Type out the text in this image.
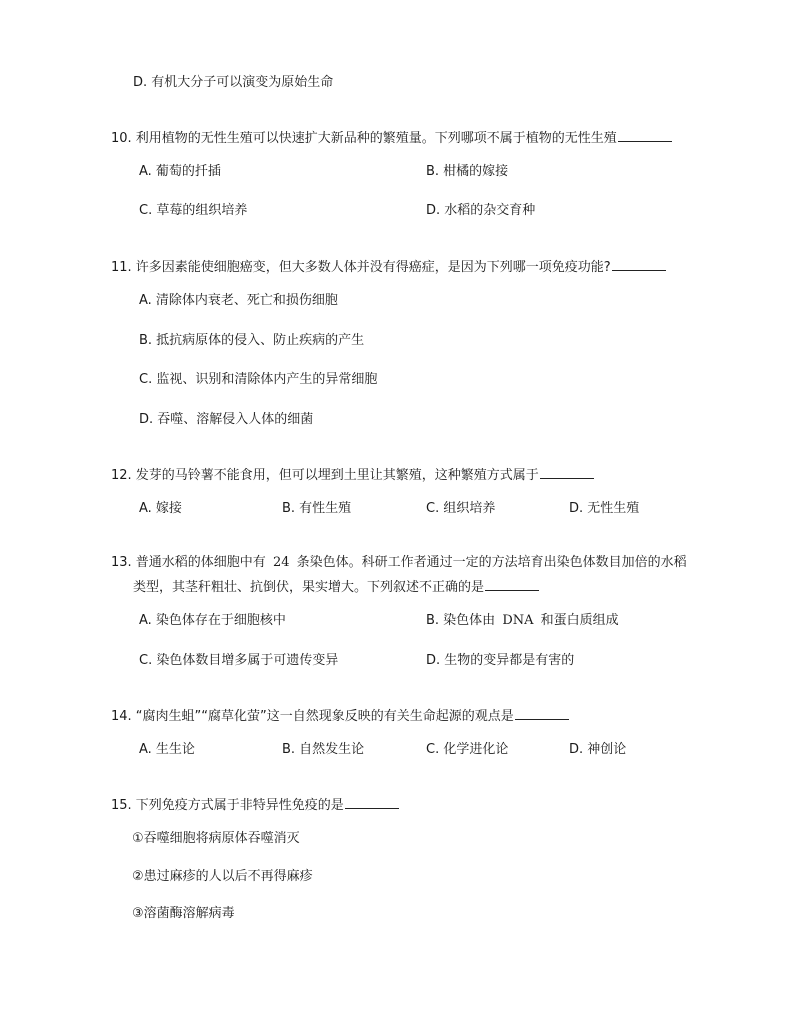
D. 有机大分子可以演变为原始生命
10. 利用植物的无性生殖可以快速扩大新品种的繁殖量。下列哪项不属于植物的无性生殖
A. 葡萄的扦插	B. 柑橘的嫁接
C. 草莓的组织培养	D. 水稻的杂交育种
11. 许多因素能使细胞癌变，但大多数人体并没有得癌症，是因为下列哪一项免疫功能?
A. 清除体内衰老、死亡和损伤细胞
B. 抵抗病原体的侵入、防止疾病的产生
C. 监视、识别和清除体内产生的异常细胞
D. 吞噬、溶解侵入人体的细菌
12. 发芽的马铃薯不能食用，但可以埋到土里让其繁殖，这种繁殖方式属于
A. 嫁接	B. 有性生殖	C. 组织培养	D. 无性生殖
13. 普通水稻的体细胞中有 24 条染色体。科研工作者通过一定的方法培育出染色体数目加倍的水稻
类型，其茎秆粗壮、抗倒伏，果实增大。下列叙述不正确的是
A. 染色体存在于细胞核中	B. 染色体由 DNA 和蛋白质组成
C. 染色体数目增多属于可遗传变异	D. 生物的变异都是有害的
14. “腐肉生蛆”“腐草化萤”这一自然现象反映的有关生命起源的观点是
A. 生生论	B. 自然发生论	C. 化学进化论	D. 神创论
15. 下列免疫方式属于非特异性免疫的是
①吞噬细胞将病原体吞噬消灭
②患过麻疹的人以后不再得麻疹
③溶菌酶溶解病毒
